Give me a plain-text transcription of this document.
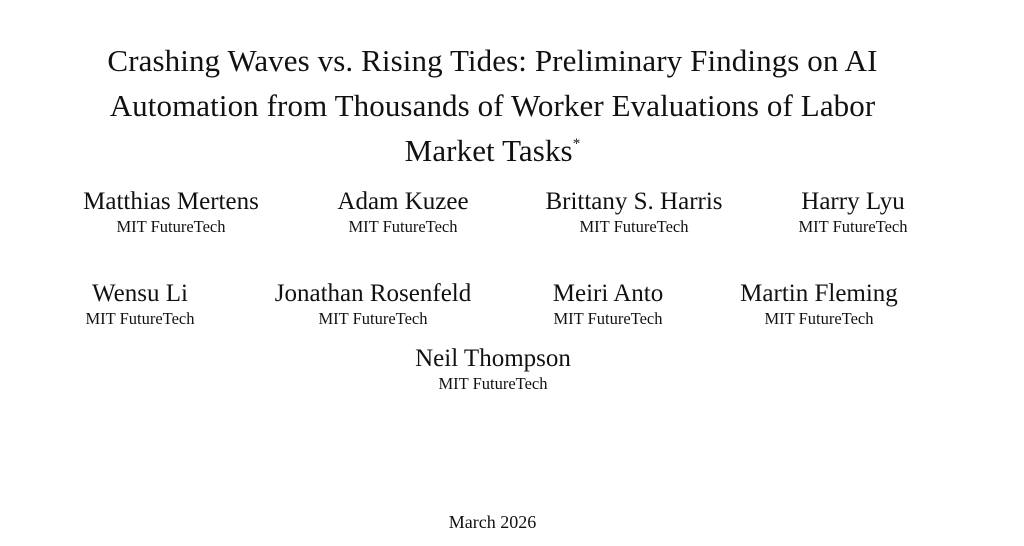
Crashing Waves vs. Rising Tides: Preliminary Findings on AI
Automation from Thousands of Worker Evaluations of Labor
Market Tasks*
Matthias Mertens
MIT FutureTech
Adam Kuzee
MIT FutureTech
Brittany S. Harris
MIT FutureTech
Harry Lyu
MIT FutureTech
Wensu Li
MIT FutureTech
Jonathan Rosenfeld
MIT FutureTech
Meiri Anto
MIT FutureTech
Martin Fleming
MIT FutureTech
Neil Thompson
MIT FutureTech
March 2026
